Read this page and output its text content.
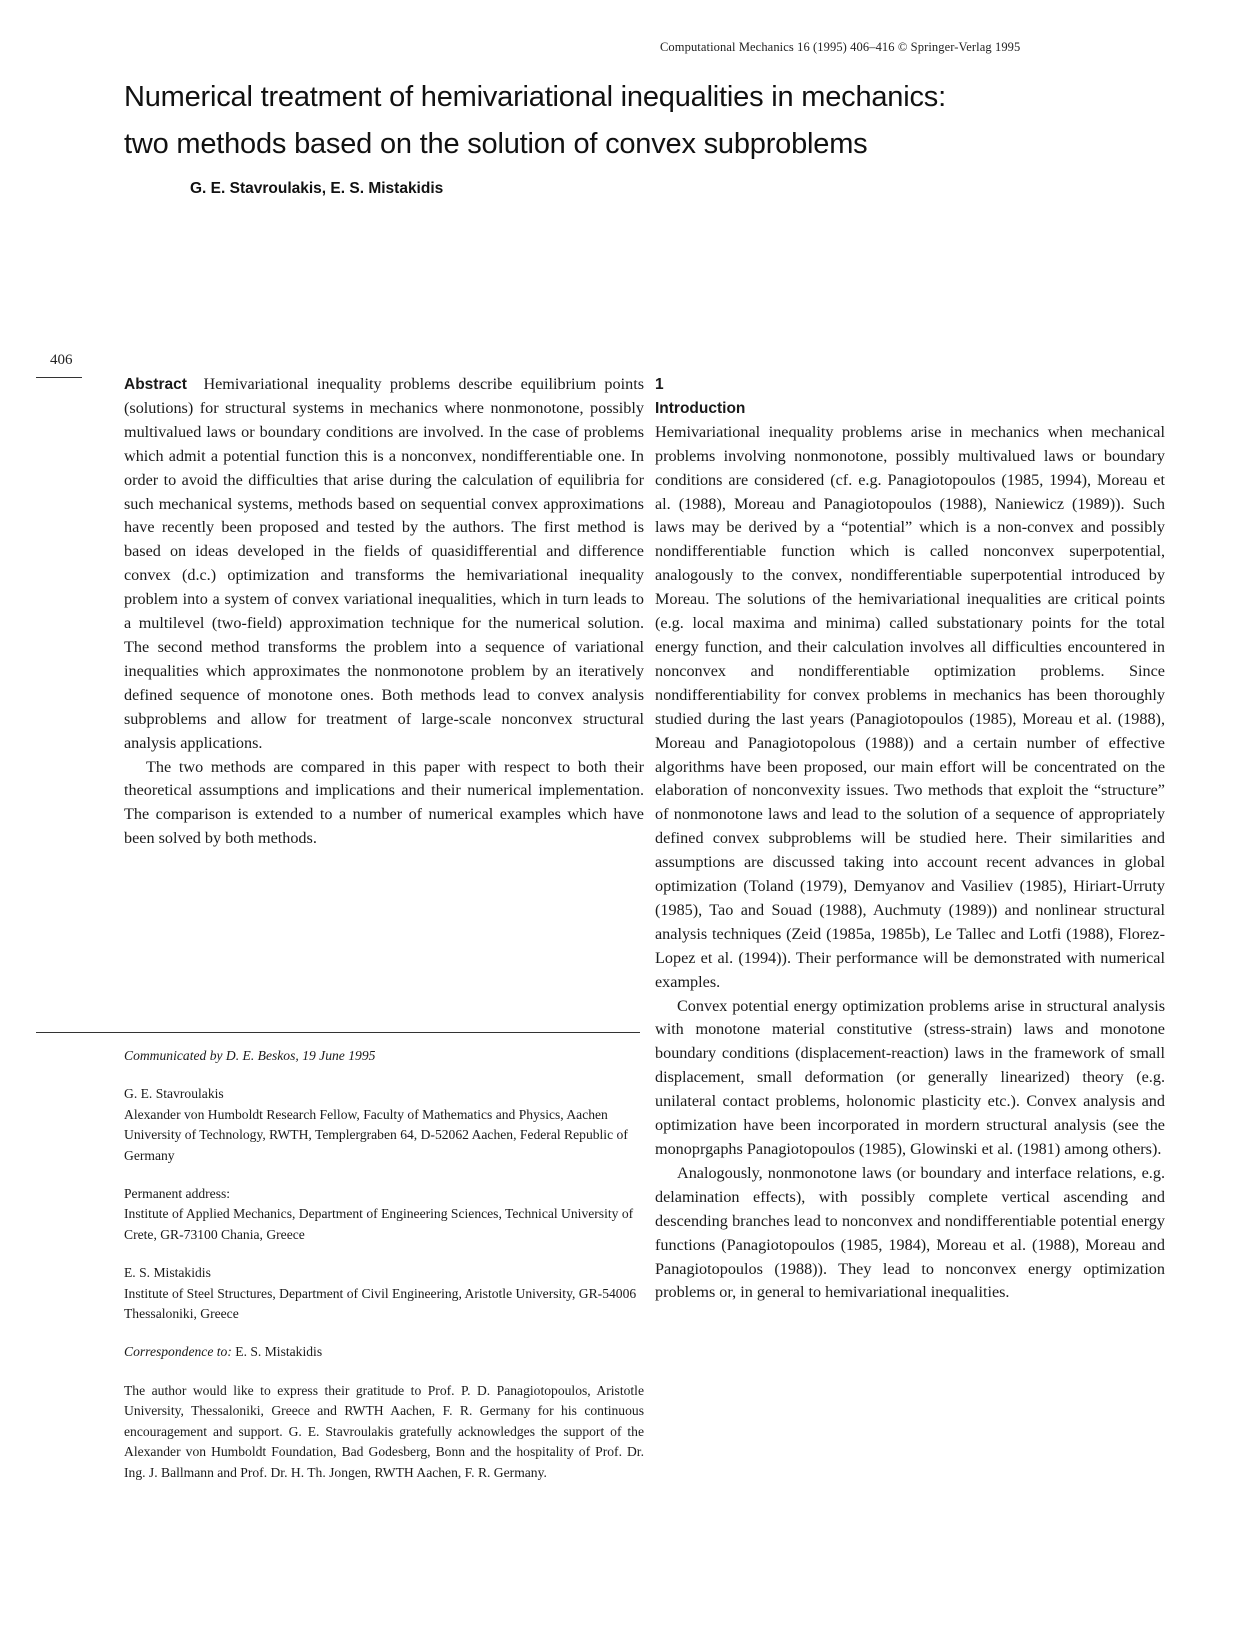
Computational Mechanics 16 (1995) 406–416 © Springer-Verlag 1995
Numerical treatment of hemivariational inequalities in mechanics:
two methods based on the solution of convex subproblems
G. E. Stavroulakis, E. S. Mistakidis
406

Abstract Hemivariational inequality problems describe equilibrium points (solutions) for structural systems in mechanics where nonmonotone, possibly multivalued laws or boundary conditions are involved. In the case of problems which admit a potential function this is a nonconvex, nondifferentiable one. In order to avoid the difficulties that arise during the calculation of equilibria for such mechanical systems, methods based on sequential convex approximations have recently been proposed and tested by the authors. The first method is based on ideas developed in the fields of quasidifferential and difference convex (d.c.) optimization and transforms the hemivariational inequality problem into a system of convex variational inequalities, which in turn leads to a multilevel (two-field) approximation technique for the numerical solution. The second method transforms the problem into a sequence of variational inequalities which approximates the nonmonotone problem by an iteratively defined sequence of monotone ones. Both methods lead to convex analysis subproblems and allow for treatment of large-scale nonconvex structural analysis applications.

The two methods are compared in this paper with respect to both their theoretical assumptions and implications and their numerical implementation. The comparison is extended to a number of numerical examples which have been solved by both methods.

Communicated by D. E. Beskos, 19 June 1995
G. E. Stavroulakis
Alexander von Humboldt Research Fellow, Faculty of Mathematics and Physics, Aachen University of Technology, RWTH, Templergraben 64, D-52062 Aachen, Federal Republic of Germany
Permanent address:
Institute of Applied Mechanics, Department of Engineering Sciences, Technical University of Crete, GR-73100 Chania, Greece
E. S. Mistakidis
Institute of Steel Structures, Department of Civil Engineering, Aristotle University, GR-54006 Thessaloniki, Greece
Correspondence to: E. S. Mistakidis
The author would like to express their gratitude to Prof. P. D. Panagiotopoulos, Aristotle University, Thessaloniki, Greece and RWTH Aachen, F. R. Germany for his continuous encouragement and support. G. E. Stavroulakis gratefully acknowledges the support of the Alexander von Humboldt Foundation, Bad Godesberg, Bonn and the hospitality of Prof. Dr. Ing. J. Ballmann and Prof. Dr. H. Th. Jongen, RWTH Aachen, F. R. Germany.
1
Introduction

Hemivariational inequality problems arise in mechanics when mechanical problems involving nonmonotone, possibly multivalued laws or boundary conditions are considered (cf. e.g. Panagiotopoulos (1985, 1994), Moreau et al. (1988), Moreau and Panagiotopoulos (1988), Naniewicz (1989)). Such laws may be derived by a “potential” which is a non-convex and possibly nondifferentiable function which is called nonconvex superpotential, analogously to the convex, nondifferentiable superpotential introduced by Moreau. The solutions of the hemivariational inequalities are critical points (e.g. local maxima and minima) called substationary points for the total energy function, and their calculation involves all difficulties encountered in nonconvex and nondifferentiable optimization problems. Since nondifferentiability for convex problems in mechanics has been thoroughly studied during the last years (Panagiotopoulos (1985), Moreau et al. (1988), Moreau and Panagiotopolous (1988)) and a certain number of effective algorithms have been proposed, our main effort will be concentrated on the elaboration of nonconvexity issues. Two methods that exploit the “structure” of nonmonotone laws and lead to the solution of a sequence of appropriately defined convex subproblems will be studied here. Their similarities and assumptions are discussed taking into account recent advances in global optimization (Toland (1979), Demyanov and Vasiliev (1985), Hiriart-Urruty (1985), Tao and Souad (1988), Auchmuty (1989)) and nonlinear structural analysis techniques (Zeid (1985a, 1985b), Le Tallec and Lotfi (1988), Florez-Lopez et al. (1994)). Their performance will be demonstrated with numerical examples.

Convex potential energy optimization problems arise in structural analysis with monotone material constitutive (stress-strain) laws and monotone boundary conditions (displacement-reaction) laws in the framework of small displacement, small deformation (or generally linearized) theory (e.g. unilateral contact problems, holonomic plasticity etc.). Convex analysis and optimization have been incorporated in mordern structural analysis (see the monoprgaphs Panagiotopoulos (1985), Glowinski et al. (1981) among others).

Analogously, nonmonotone laws (or boundary and interface relations, e.g. delamination effects), with possibly complete vertical ascending and descending branches lead to nonconvex and nondifferentiable potential energy functions (Panagiotopoulos (1985, 1984), Moreau et al. (1988), Moreau and Panagiotopoulos (1988)). They lead to nonconvex energy optimization problems or, in general to hemivariational inequalities.
